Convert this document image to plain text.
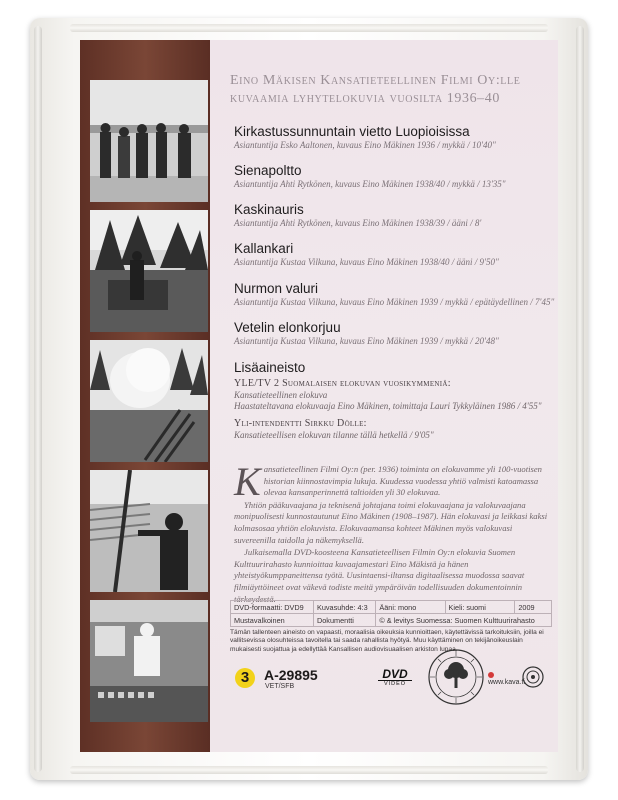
Eino Mäkisen Kansatieteellinen Filmi Oy:lle
kuvaamia lyhytelokuvia vuosilta 1936–40
Kirkastussunnuntain vietto Luopioisissa
Asiantuntija Esko Aaltonen, kuvaus Eino Mäkinen 1936 / mykkä / 10'40"
Sienapoltto
Asiantuntija Ahti Rytkönen, kuvaus Eino Mäkinen 1938/40 / mykkä / 13'35"
Kaskinauris
Asiantuntija Ahti Rytkönen, kuvaus Eino Mäkinen 1938/39 / ääni / 8'
Kallankari
Asiantuntija Kustaa Vilkuna, kuvaus Eino Mäkinen 1938/40 / ääni / 9'50"
Nurmon valuri
Asiantuntija Kustaa Vilkuna, kuvaus Eino Mäkinen 1939 / mykkä / epätäydellinen / 7'45"
Vetelin elonkorjuu
Asiantuntija Kustaa Vilkuna, kuvaus Eino Mäkinen 1939 / mykkä / 20'48"
Lisäaineisto
YLE/TV 2 Suomalaisen elokuvan vuosikymmeniä:
Kansatieteellinen elokuva
Haastateltavana elokuvaaja Eino Mäkinen, toimittaja Lauri Tykkyläinen 1986 / 4'55"
Yli-intendentti Sirkku Dölle:
Kansatieteellisen elokuvan tilanne tällä hetkellä / 9'05"

Kansatieteellinen Filmi Oy:n (per. 1936) toiminta on elokuvamme yli 100-vuotisen historian kiinnostavimpia lukuja. Kuudessa vuodessa yhtiö valmisti katoamassa olevaa kansanperinnettä taltioiden yli 30 elokuvaa.

Yhtiön pääkuvaajana ja teknisenä johtajana toimi elokuvaajana ja valokuvaajana monipuolisesti kunnostautunut Eino Mäkinen (1908–1987). Hän elokuvasi ja leikkasi kaksi kolmasosaa yhtiön elokuvista. Elokuvaamansa kohteet Mäkinen myös valokuvasi suvereenilla taidolla ja näkemyksellä.

Julkaisemalla DVD-koosteena Kansatieteellisen Filmin Oy:n elokuvia Suomen Kulttuurirahasto kunnioittaa kuvaajamestari Eino Mäkistä ja hänen yhteistyökumppaneittensa työtä. Uusintaensi-iltansa digitaalisessa muodossa saavat filmiäyttöineet ovat väkevä todiste meitä ympäröivän todellisuuden dokumentoinnin tärkeydestä.

DVD-formaatti: DVD9	Kuvasuhde: 4:3	Ääni: mono	Kieli: suomi	2009
Mustavalkoinen	Dokumentti	© & levitys Suomessa: Suomen Kulttuurirahasto		
Tämän tallenteen aineisto on vapaasti, moraalisia oikeuksia kunnioittaen, käytettävissä tarkoituksiin, joilla ei vallitsevissa olosuhteissa tavoitella tai saada rahallista hyötyä. Muu käyttäminen on tekijänoikeuslain mukaisesti suojattua ja edellyttää Kansallisen audiovisuaalisen arkiston lupaa.
3	A-29895
VET/SFB
DVD
VIDEO	www.kava.fi
